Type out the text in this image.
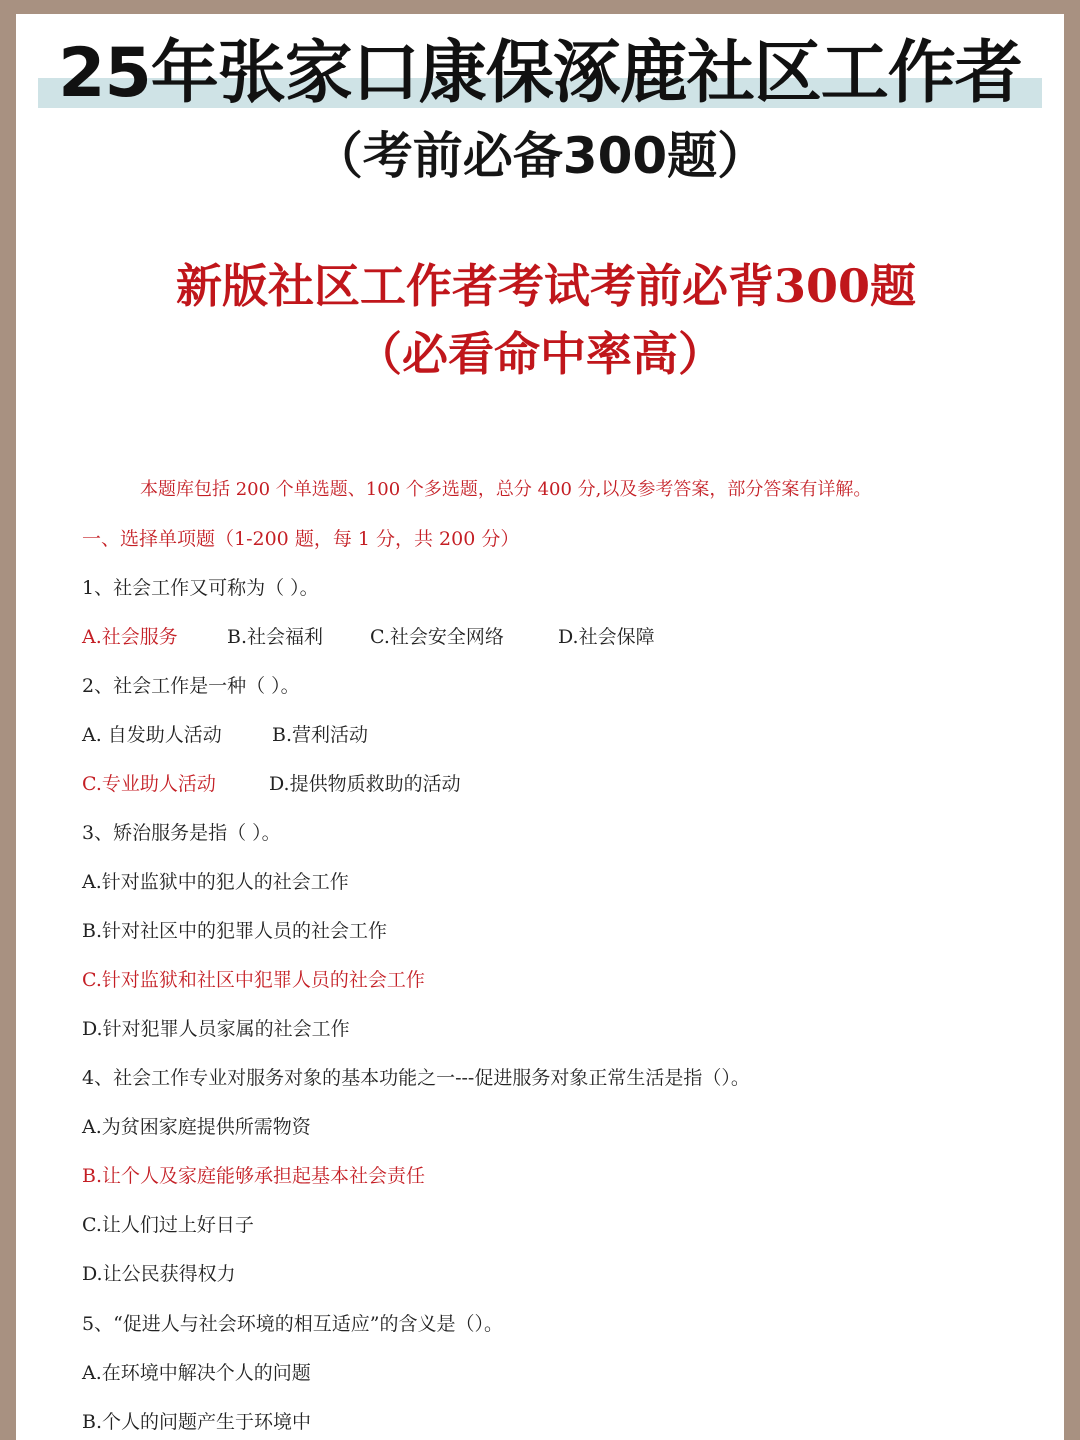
25年张家口康保涿鹿社区工作者
（考前必备300题）
新版社区工作者考试考前必背300题
（必看命中率高）
本题库包括 200 个单选题、100 个多选题，总分 400 分,以及参考答案，部分答案有详解。
一、选择单项题（1-200 题，每 1 分，共 200 分）
1、社会工作又可称为（ ）。
A.社会服务	B.社会福利 C.社会安全网络	D.社会保障
2、社会工作是一种（ ）。
A. 自发助人活动	B.营利活动
C.专业助人活动	D.提供物质救助的活动
3、矫治服务是指（ ）。
A.针对监狱中的犯人的社会工作
B.针对社区中的犯罪人员的社会工作
C.针对监狱和社区中犯罪人员的社会工作
D.针对犯罪人员家属的社会工作
4、社会工作专业对服务对象的基本功能之一---促进服务对象正常生活是指（）。
A.为贫困家庭提供所需物资
B.让个人及家庭能够承担起基本社会责任
C.让人们过上好日子
D.让公民获得权力
5、“促进人与社会环境的相互适应”的含义是（）。
A.在环境中解决个人的问题
B.个人的问题产生于环境中
